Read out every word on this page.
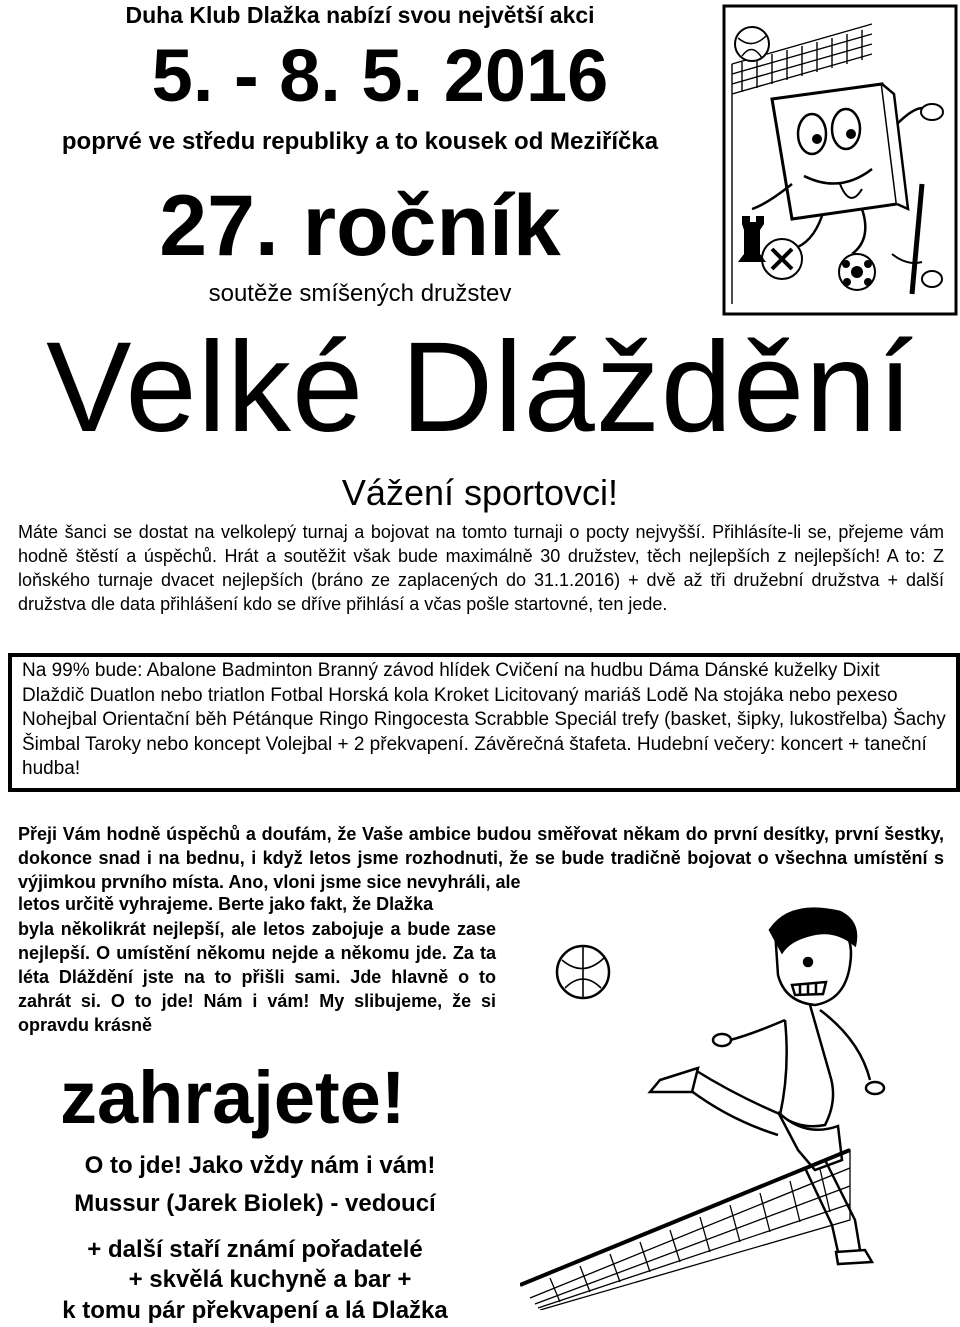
Duha Klub Dlažka nabízí svou největší akci
5. - 8. 5. 2016
poprvé ve středu republiky a to kousek od Meziříčka
27. ročník
soutěže smíšených družstev
Velké Dláždění
Vážení sportovci!
Máte šanci se dostat na velkolepý turnaj a bojovat na tomto turnaji o pocty nejvyšší. Přihlásíte-li se, přejeme vám hodně štěstí a úspěchů. Hrát a soutěžit však bude maximálně 30 družstev, těch nejlepších z nejlepších! A to: Z loňského turnaje dvacet nejlepších (bráno ze zaplacených do 31.1.2016) + dvě až tři družební družstva + další družstva dle data přihlášení kdo se dříve přihlásí a včas pošle startovné, ten jede.
Na 99% bude: Abalone Badminton Branný závod hlídek Cvičení na hudbu Dáma Dánské kuželky Dixit Dlaždič Duatlon nebo triatlon Fotbal Horská kola Kroket Licitovaný mariáš Lodě Na stojáka nebo pexeso Nohejbal Orientační běh Pétánque Ringo Ringocesta Scrabble Speciál trefy (basket, šipky, lukostřelba) Šachy Šimbal Taroky nebo koncept Volejbal + 2 překvapení. Závěrečná štafeta. Hudební večery: koncert + taneční hudba!
Přeji Vám hodně úspěchů a doufám, že Vaše ambice budou směřovat někam do první desítky, první šestky, dokonce snad i na bednu, i když letos jsme rozhodnuti, že se bude tradičně bojovat o všechna umístění s výjimkou prvního místa. Ano, vloni jsme sice nevyhráli, ale
letos určitě vyhrajeme. Berte jako fakt, že Dlažka
byla několikrát nejlepší, ale letos zabojuje a bude zase nejlepší. O umístění někomu nejde a někomu jde. Za ta léta Dláždění jste na to přišli sami. Jde hlavně o to zahrát si. O to jde! Nám i vám! My slibujeme, že si opravdu krásně
zahrajete!
O to jde! Jako vždy nám i vám!
Mussur (Jarek Biolek) - vedoucí
+ další staří známí pořadatelé
+ skvělá kuchyně a bar +
k tomu pár překvapení a lá Dlažka
